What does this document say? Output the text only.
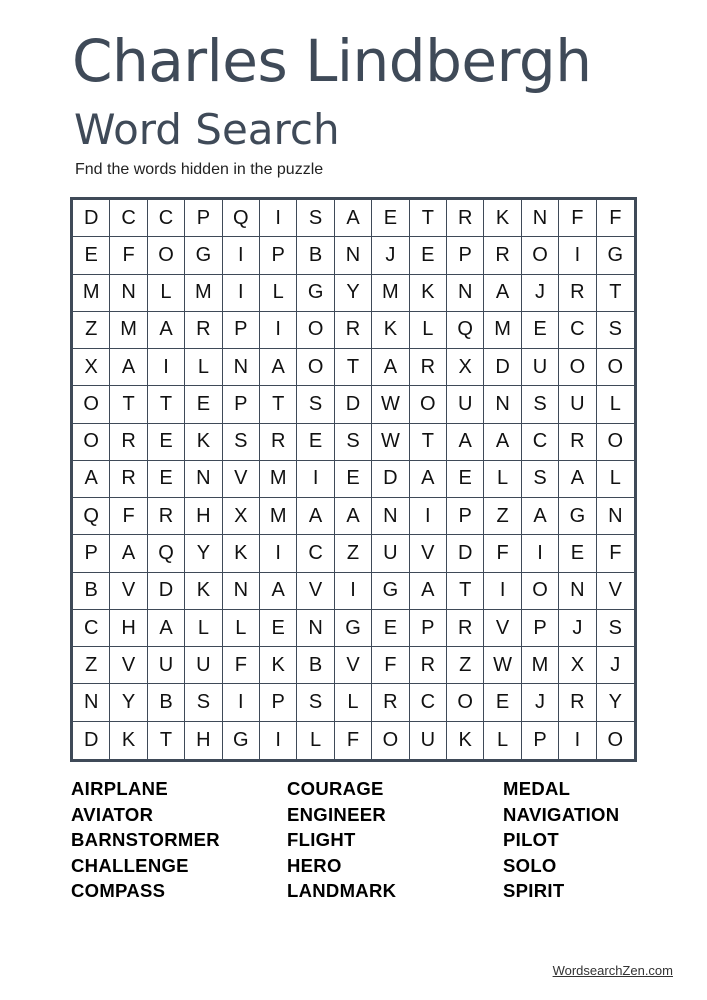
Charles Lindbergh
Word Search

Fnd the words hidden in the puzzle

D	C	C	P	Q	I	S	A	E	T	R	K	N	F	F
E	F	O	G	I	P	B	N	J	E	P	R	O	I	G
M	N	L	M	I	L	G	Y	M	K	N	A	J	R	T
Z	M	A	R	P	I	O	R	K	L	Q	M	E	C	S
X	A	I	L	N	A	O	T	A	R	X	D	U	O	O
O	T	T	E	P	T	S	D	W	O	U	N	S	U	L
O	R	E	K	S	R	E	S	W	T	A	A	C	R	O
A	R	E	N	V	M	I	E	D	A	E	L	S	A	L
Q	F	R	H	X	M	A	A	N	I	P	Z	A	G	N
P	A	Q	Y	K	I	C	Z	U	V	D	F	I	E	F
B	V	D	K	N	A	V	I	G	A	T	I	O	N	V
C	H	A	L	L	E	N	G	E	P	R	V	P	J	S
Z	V	U	U	F	K	B	V	F	R	Z	W M	X	J
N	Y	B	S	I	P	S	L	R	C	O	E	J	R	Y
D	K	T	H	G	I	L	F	O	U	K	L	P	I	O
AIRPLANE
AVIATOR
BARNSTORMER
CHALLENGE
COMPASS
COURAGE
ENGINEER
FLIGHT
HERO
LANDMARK
MEDAL
NAVIGATION
PILOT
SOLO
SPIRIT
WordsearchZen.com
